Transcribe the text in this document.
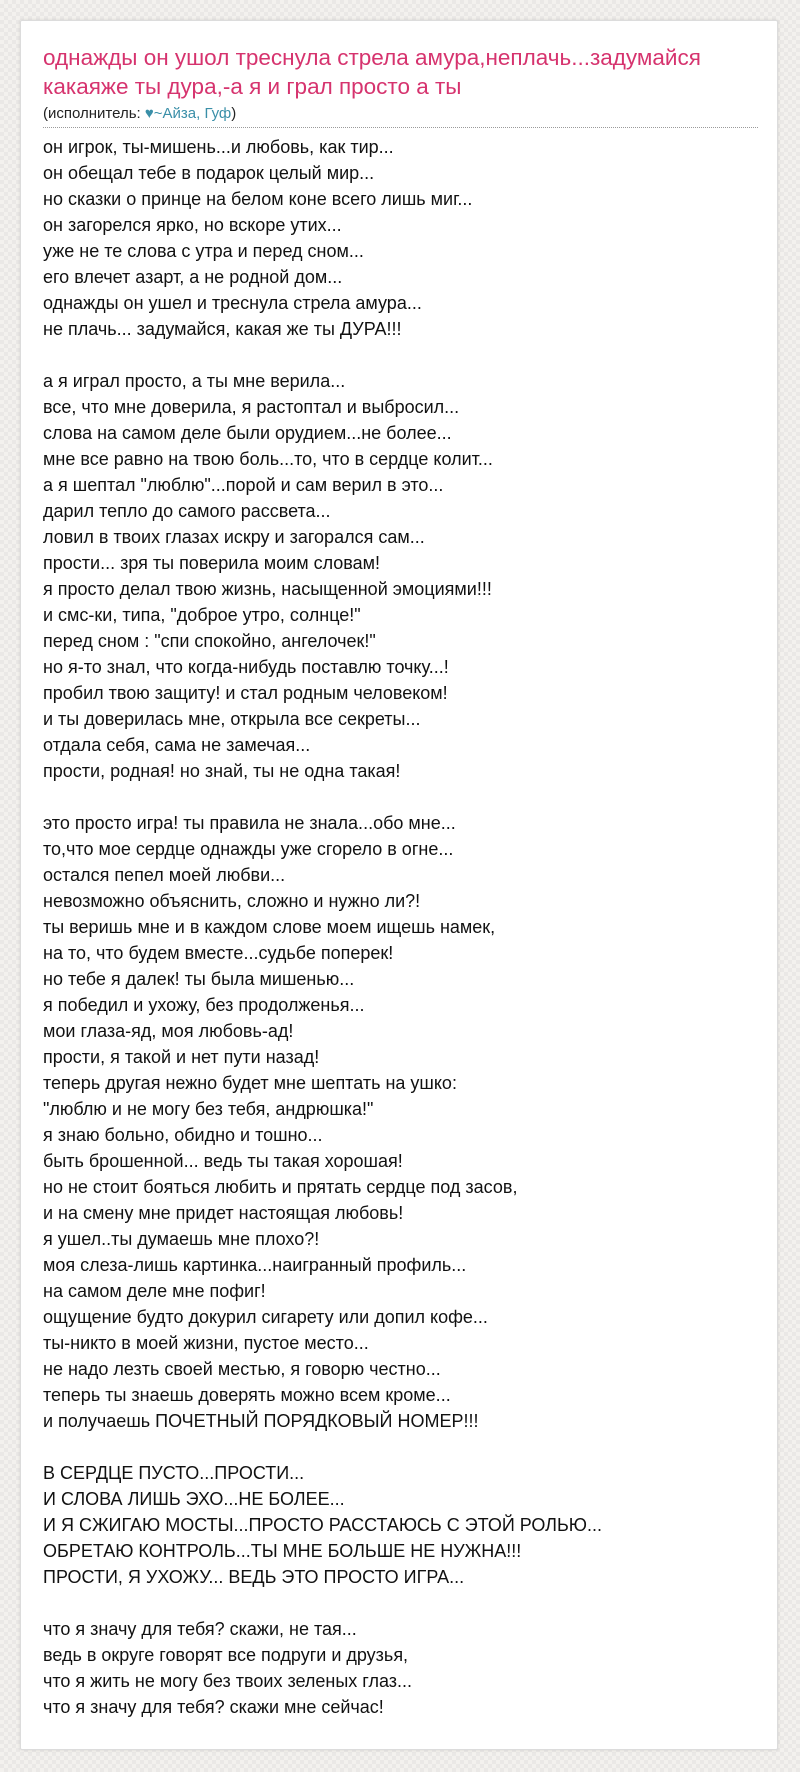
однажды он ушол треснула стрела амура,неплачь...задумайся какаяже ты дура,-а я и грал просто а ты
(исполнитель: ♥~Айза, Гуф)
он игрок, ты-мишень...и любовь, как тир...
он обещал тебе в подарок целый мир...
но сказки о принце на белом коне всего лишь миг...
он загорелся ярко, но вскоре утих...
уже не те слова с утра и перед сном...
его влечет азарт, а не родной дом...
однажды он ушел и треснула стрела амура...
не плачь... задумайся, какая же ты ДУРА!!!
а я играл просто, а ты мне верила...
все, что мне доверила, я растоптал и выбросил...
слова на самом деле были орудием...не более...
мне все равно на твою боль...то, что в сердце колит...
а я шептал "люблю"...порой и сам верил в это...
дарил тепло до самого рассвета...
ловил в твоих глазах искру и загорался сам...
прости... зря ты поверила моим словам!
я просто делал твою жизнь, насыщенной эмоциями!!!
и смс-ки, типа, "доброе утро, солнце!"
перед сном : "спи спокойно, ангелочек!"
но я-то знал, что когда-нибудь поставлю точку...!
пробил твою защиту! и стал родным человеком!
и ты доверилась мне, открыла все секреты...
отдала себя, сама не замечая...
прости, родная! но знай, ты не одна такая!
это просто игра! ты правила не знала...обо мне...
то,что мое сердце однажды уже сгорело в огне...
остался пепел моей любви...
невозможно объяснить, сложно и нужно ли?!
ты веришь мне и в каждом слове моем ищешь намек,
на то, что будем вместе...судьбе поперек!
но тебе я далек! ты была мишенью...
я победил и ухожу, без продолженья...
мои глаза-яд, моя любовь-ад!
прости, я такой и нет пути назад!
теперь другая нежно будет мне шептать на ушко:
"люблю и не могу без тебя, андрюшка!"
я знаю больно, обидно и тошно...
быть брошенной... ведь ты такая хорошая!
но не стоит бояться любить и прятать сердце под засов,
и на смену мне придет настоящая любовь!
я ушел..ты думаешь мне плохо?!
моя слеза-лишь картинка...наигранный профиль...
на самом деле мне пофиг!
ощущение будто докурил сигарету или допил кофе...
ты-никто в моей жизни, пустое место...
не надо лезть своей местью, я говорю честно...
теперь ты знаешь доверять можно всем кроме...
и получаешь ПОЧЕТНЫЙ ПОРЯДКОВЫЙ НОМЕР!!!
В СЕРДЦЕ ПУСТО...ПРОСТИ...
И СЛОВА ЛИШЬ ЭХО...НЕ БОЛЕЕ...
И Я СЖИГАЮ МОСТЫ...ПРОСТО РАССТАЮСЬ С ЭТОЙ РОЛЬЮ...
ОБРЕТАЮ КОНТРОЛЬ...ТЫ МНЕ БОЛЬШЕ НЕ НУЖНА!!!
ПРОСТИ, Я УХОЖУ... ВЕДЬ ЭТО ПРОСТО ИГРА...
что я значу для тебя? скажи, не тая...
ведь в округе говорят все подруги и друзья,
что я жить не могу без твоих зеленых глаз...
что я значу для тебя? скажи мне сейчас!
